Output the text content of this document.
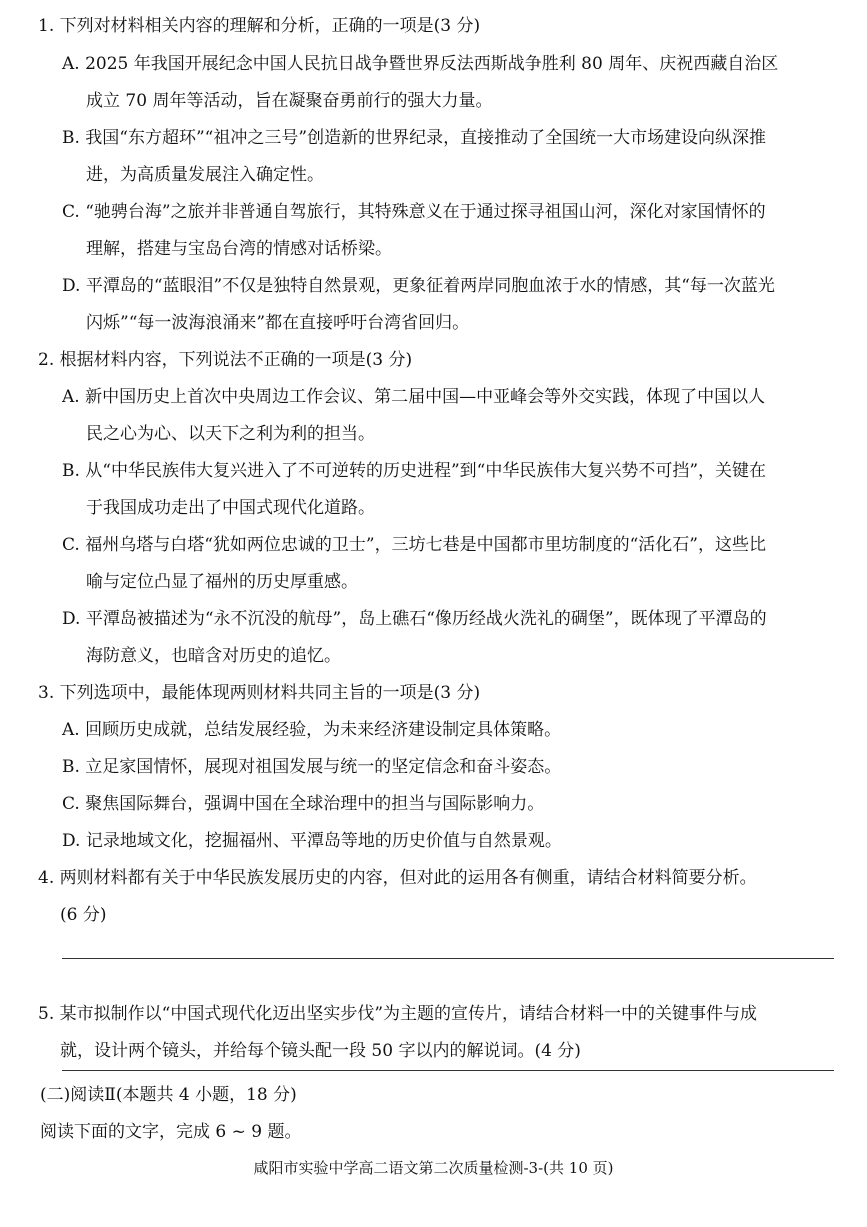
1. 下列对材料相关内容的理解和分析，正确的一项是(3 分)
A. 2025 年我国开展纪念中国人民抗日战争暨世界反法西斯战争胜利 80 周年、庆祝西藏自治区
成立 70 周年等活动，旨在凝聚奋勇前行的强大力量。
B. 我国“东方超环”“祖冲之三号”创造新的世界纪录，直接推动了全国统一大市场建设向纵深推
进，为高质量发展注入确定性。
C. “驰骋台海”之旅并非普通自驾旅行，其特殊意义在于通过探寻祖国山河，深化对家国情怀的
理解，搭建与宝岛台湾的情感对话桥梁。
D. 平潭岛的“蓝眼泪”不仅是独特自然景观，更象征着两岸同胞血浓于水的情感，其“每一次蓝光
闪烁”“每一波海浪涌来”都在直接呼吁台湾省回归。
2. 根据材料内容，下列说法不正确的一项是(3 分)
A. 新中国历史上首次中央周边工作会议、第二届中国—中亚峰会等外交实践，体现了中国以人
民之心为心、以天下之利为利的担当。
B. 从“中华民族伟大复兴进入了不可逆转的历史进程”到“中华民族伟大复兴势不可挡”，关键在
于我国成功走出了中国式现代化道路。
C. 福州乌塔与白塔“犹如两位忠诚的卫士”，三坊七巷是中国都市里坊制度的“活化石”，这些比
喻与定位凸显了福州的历史厚重感。
D. 平潭岛被描述为“永不沉没的航母”，岛上礁石“像历经战火洗礼的碉堡”，既体现了平潭岛的
海防意义，也暗含对历史的追忆。
3. 下列选项中，最能体现两则材料共同主旨的一项是(3 分)
A. 回顾历史成就，总结发展经验，为未来经济建设制定具体策略。
B. 立足家国情怀，展现对祖国发展与统一的坚定信念和奋斗姿态。
C. 聚焦国际舞台，强调中国在全球治理中的担当与国际影响力。
D. 记录地域文化，挖掘福州、平潭岛等地的历史价值与自然景观。
4. 两则材料都有关于中华民族发展历史的内容，但对此的运用各有侧重，请结合材料简要分析。
(6 分)
5. 某市拟制作以“中国式现代化迈出坚实步伐”为主题的宣传片，请结合材料一中的关键事件与成
就，设计两个镜头，并给每个镜头配一段 50 字以内的解说词。(4 分)
(二)阅读Ⅱ(本题共 4 小题，18 分)
阅读下面的文字，完成 6 ~ 9 题。
咸阳市实验中学高二语文第二次质量检测-3-(共 10 页)
